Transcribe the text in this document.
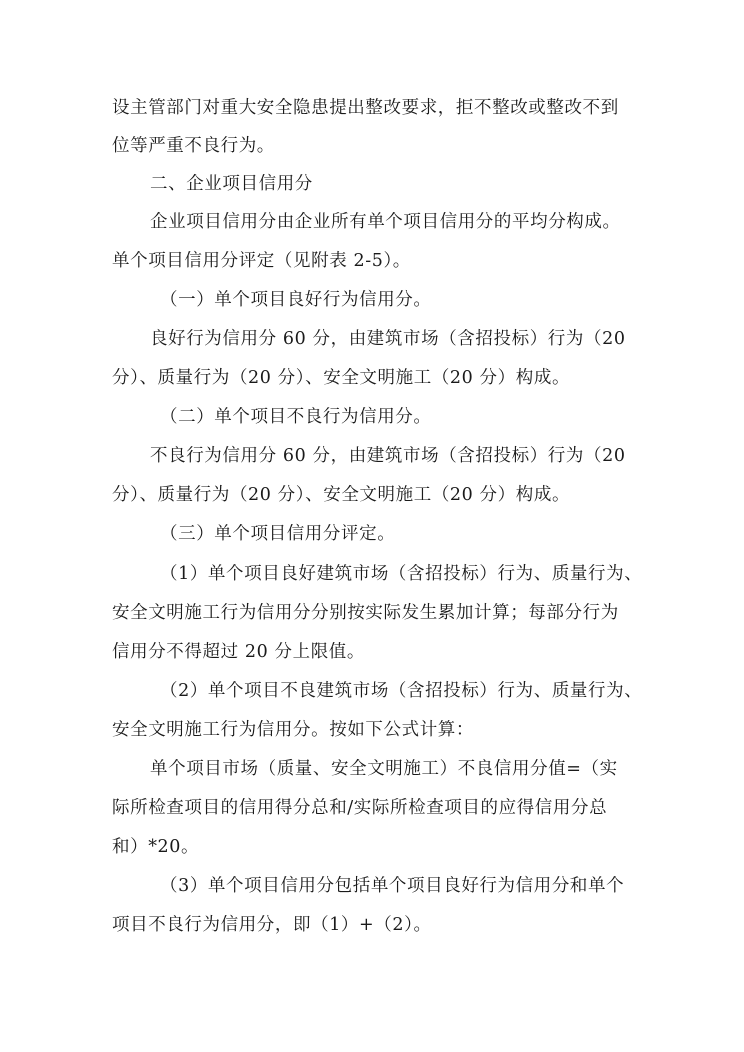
设主管部门对重大安全隐患提出整改要求，拒不整改或整改不到
位等严重不良行为。
二、企业项目信用分
企业项目信用分由企业所有单个项目信用分的平均分构成。
单个项目信用分评定（见附表 2-5）。
（一）单个项目良好行为信用分。
良好行为信用分 60 分，由建筑市场（含招投标）行为（20
分）、质量行为（20 分）、安全文明施工（20 分）构成。
（二）单个项目不良行为信用分。
不良行为信用分 60 分，由建筑市场（含招投标）行为（20
分）、质量行为（20 分）、安全文明施工（20 分）构成。
（三）单个项目信用分评定。
（1）单个项目良好建筑市场（含招投标）行为、质量行为、
安全文明施工行为信用分分别按实际发生累加计算；每部分行为
信用分不得超过 20 分上限值。
（2）单个项目不良建筑市场（含招投标）行为、质量行为、
安全文明施工行为信用分。按如下公式计算：
单个项目市场（质量、安全文明施工）不良信用分值=（实
际所检查项目的信用得分总和/实际所检查项目的应得信用分总
和）*20。
（3）单个项目信用分包括单个项目良好行为信用分和单个
项目不良行为信用分，即（1）+（2）。
